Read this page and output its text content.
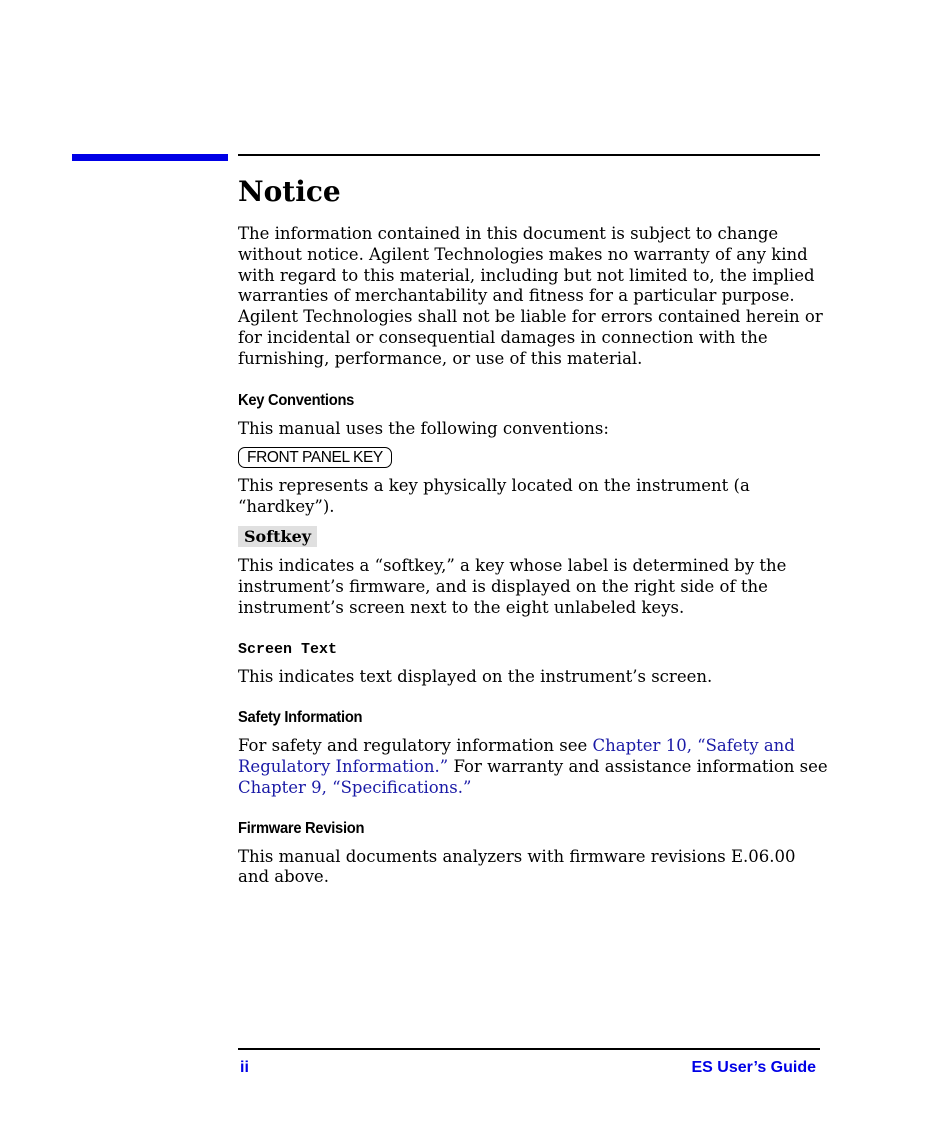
Notice

The information contained in this document is subject to change without notice. Agilent Technologies makes no warranty of any kind with regard to this material, including but not limited to, the implied warranties of merchantability and fitness for a particular purpose. Agilent Technologies shall not be liable for errors contained herein or for incidental or consequential damages in connection with the furnishing, performance, or use of this material.

Key Conventions

This manual uses the following conventions:

FRONT PANEL KEY

This represents a key physically located on the instrument (a “hardkey”).

Softkey

This indicates a “softkey,” a key whose label is determined by the instrument’s firmware, and is displayed on the right side of the instrument’s screen next to the eight unlabeled keys.

Screen Text

This indicates text displayed on the instrument’s screen.

Safety Information

For safety and regulatory information see Chapter 10, “Safety and Regulatory Information.” For warranty and assistance information see Chapter 9, “Specifications.”

Firmware Revision

This manual documents analyzers with firmware revisions E.06.00 and above.

ii	ES User’s Guide
